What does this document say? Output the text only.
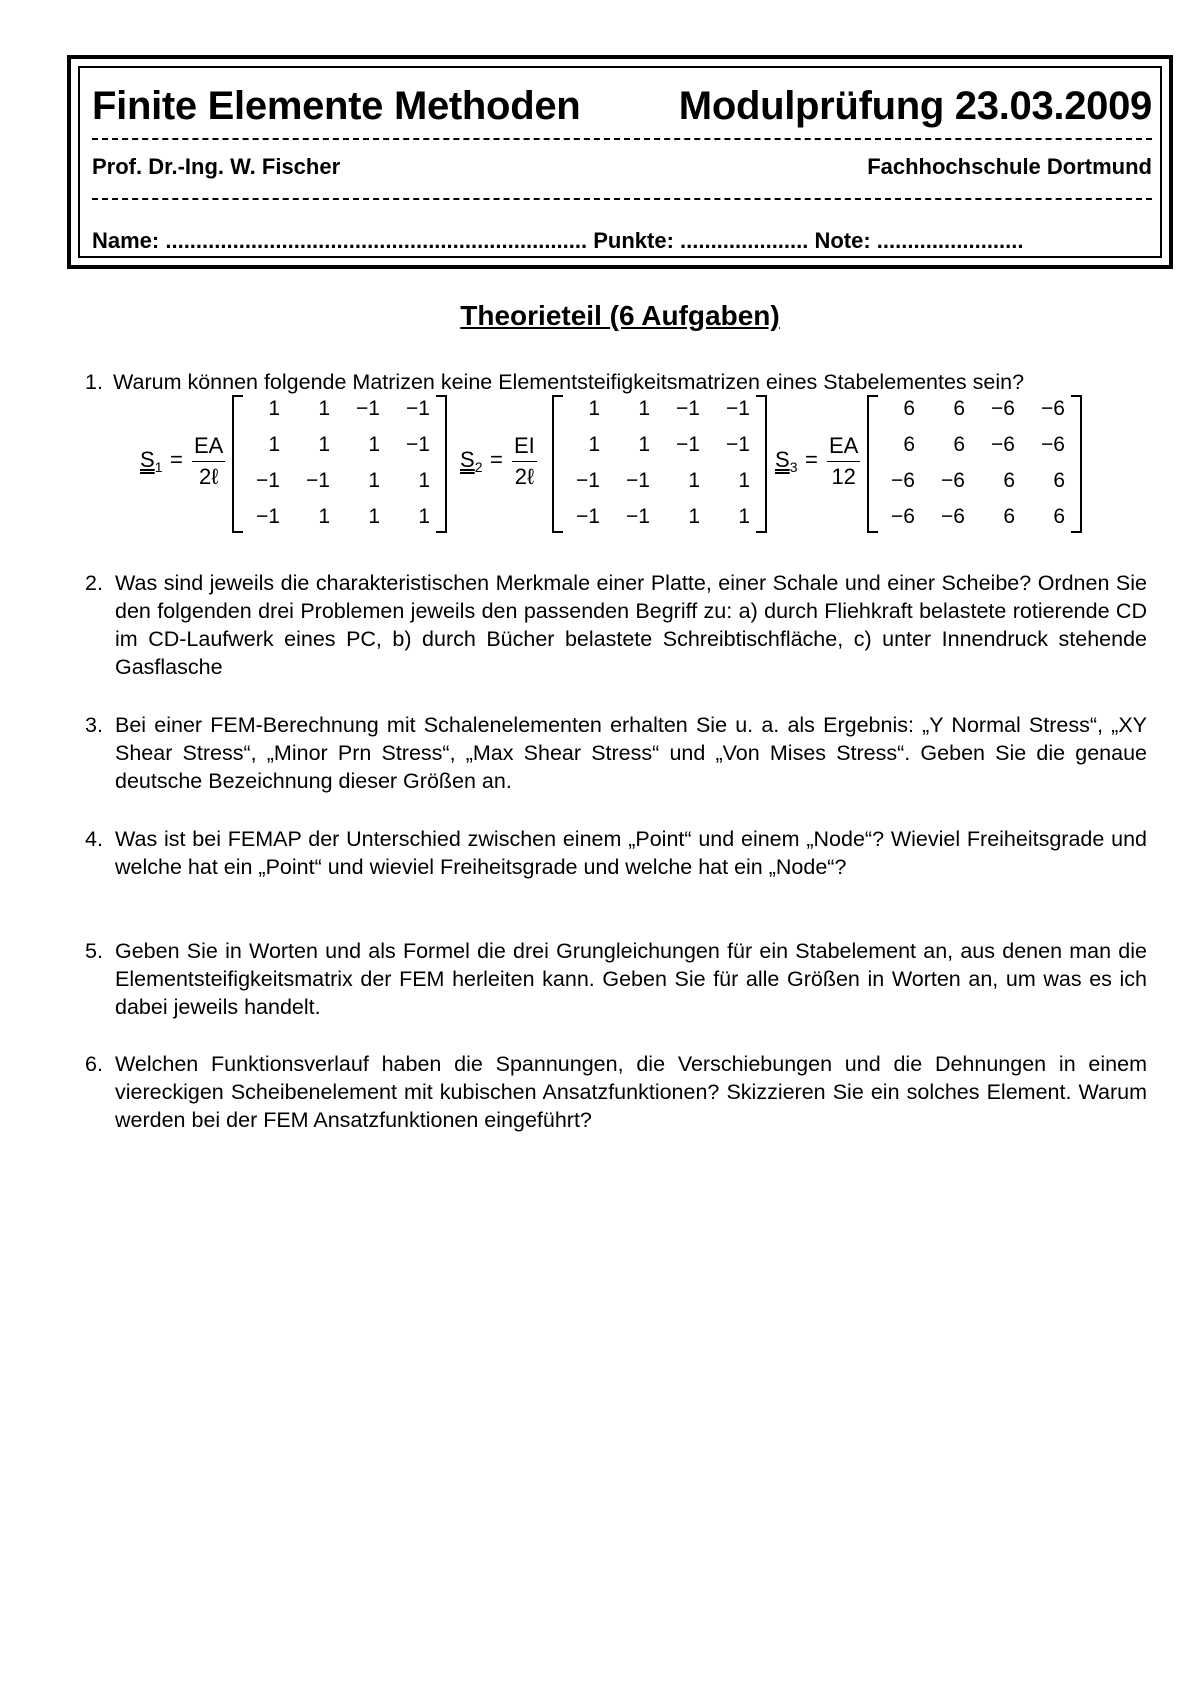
Finite Elemente Methoden Modulprüfung 23.03.2009
Prof. Dr.-Ing. W. Fischer	Fachhochschule Dortmund
Name: ..................................................................... Punkte: ..................... Note: ........................
Theorieteil (6 Aufgaben)
1. Warum können folgende Matrizen keine Elementsteifigkeitsmatrizen eines Stabelementes sein?
$S_1$ =
EA
2ℓ
1	1	−1	−1
1	1	1	−1
−1	−1	1	1
−1	1	1	1
$S_2$ =
EI
2ℓ
1	1	−1	−1
1	1	−1	−1
−1	−1	1	1
−1	−1	1	1
$S_3 = \frac{EA}{12}$
6	6	−6	−6
6	6	−6	−6
−6	−6	6	6
−6	−6	6	6
2. Was sind jeweils die charakteristischen Merkmale einer Platte, einer Schale und einer Scheibe? Ordnen Sie den folgenden drei Problemen jeweils den passenden Begriff zu: a) durch Fliehkraft belastete rotierende CD im CD-Laufwerk eines PC, b) durch Bücher belastete Schreibtischfläche, c) unter Innendruck stehende Gasflasche
3. Bei einer FEM-Berechnung mit Schalenelementen erhalten Sie u. a. als Ergebnis: „Y Normal Stress“, „XY Shear Stress“, „Minor Prn Stress“, „Max Shear Stress“ und „Von Mises Stress“. Geben Sie die genaue deutsche Bezeichnung dieser Größen an.
4. Was ist bei FEMAP der Unterschied zwischen einem „Point“ und einem „Node“? Wieviel Freiheitsgrade und welche hat ein „Point“ und wieviel Freiheitsgrade und welche hat ein „Node“?
5. Geben Sie in Worten und als Formel die drei Grungleichungen für ein Stabelement an, aus denen man die Elementsteifigkeitsmatrix der FEM herleiten kann. Geben Sie für alle Größen in Worten an, um was es ich dabei jeweils handelt.
6. Welchen Funktionsverlauf haben die Spannungen, die Verschiebungen und die Dehnungen in einem viereckigen Scheibenelement mit kubischen Ansatzfunktionen? Skizzieren Sie ein solches Element. Warum werden bei der FEM Ansatzfunktionen eingeführt?
